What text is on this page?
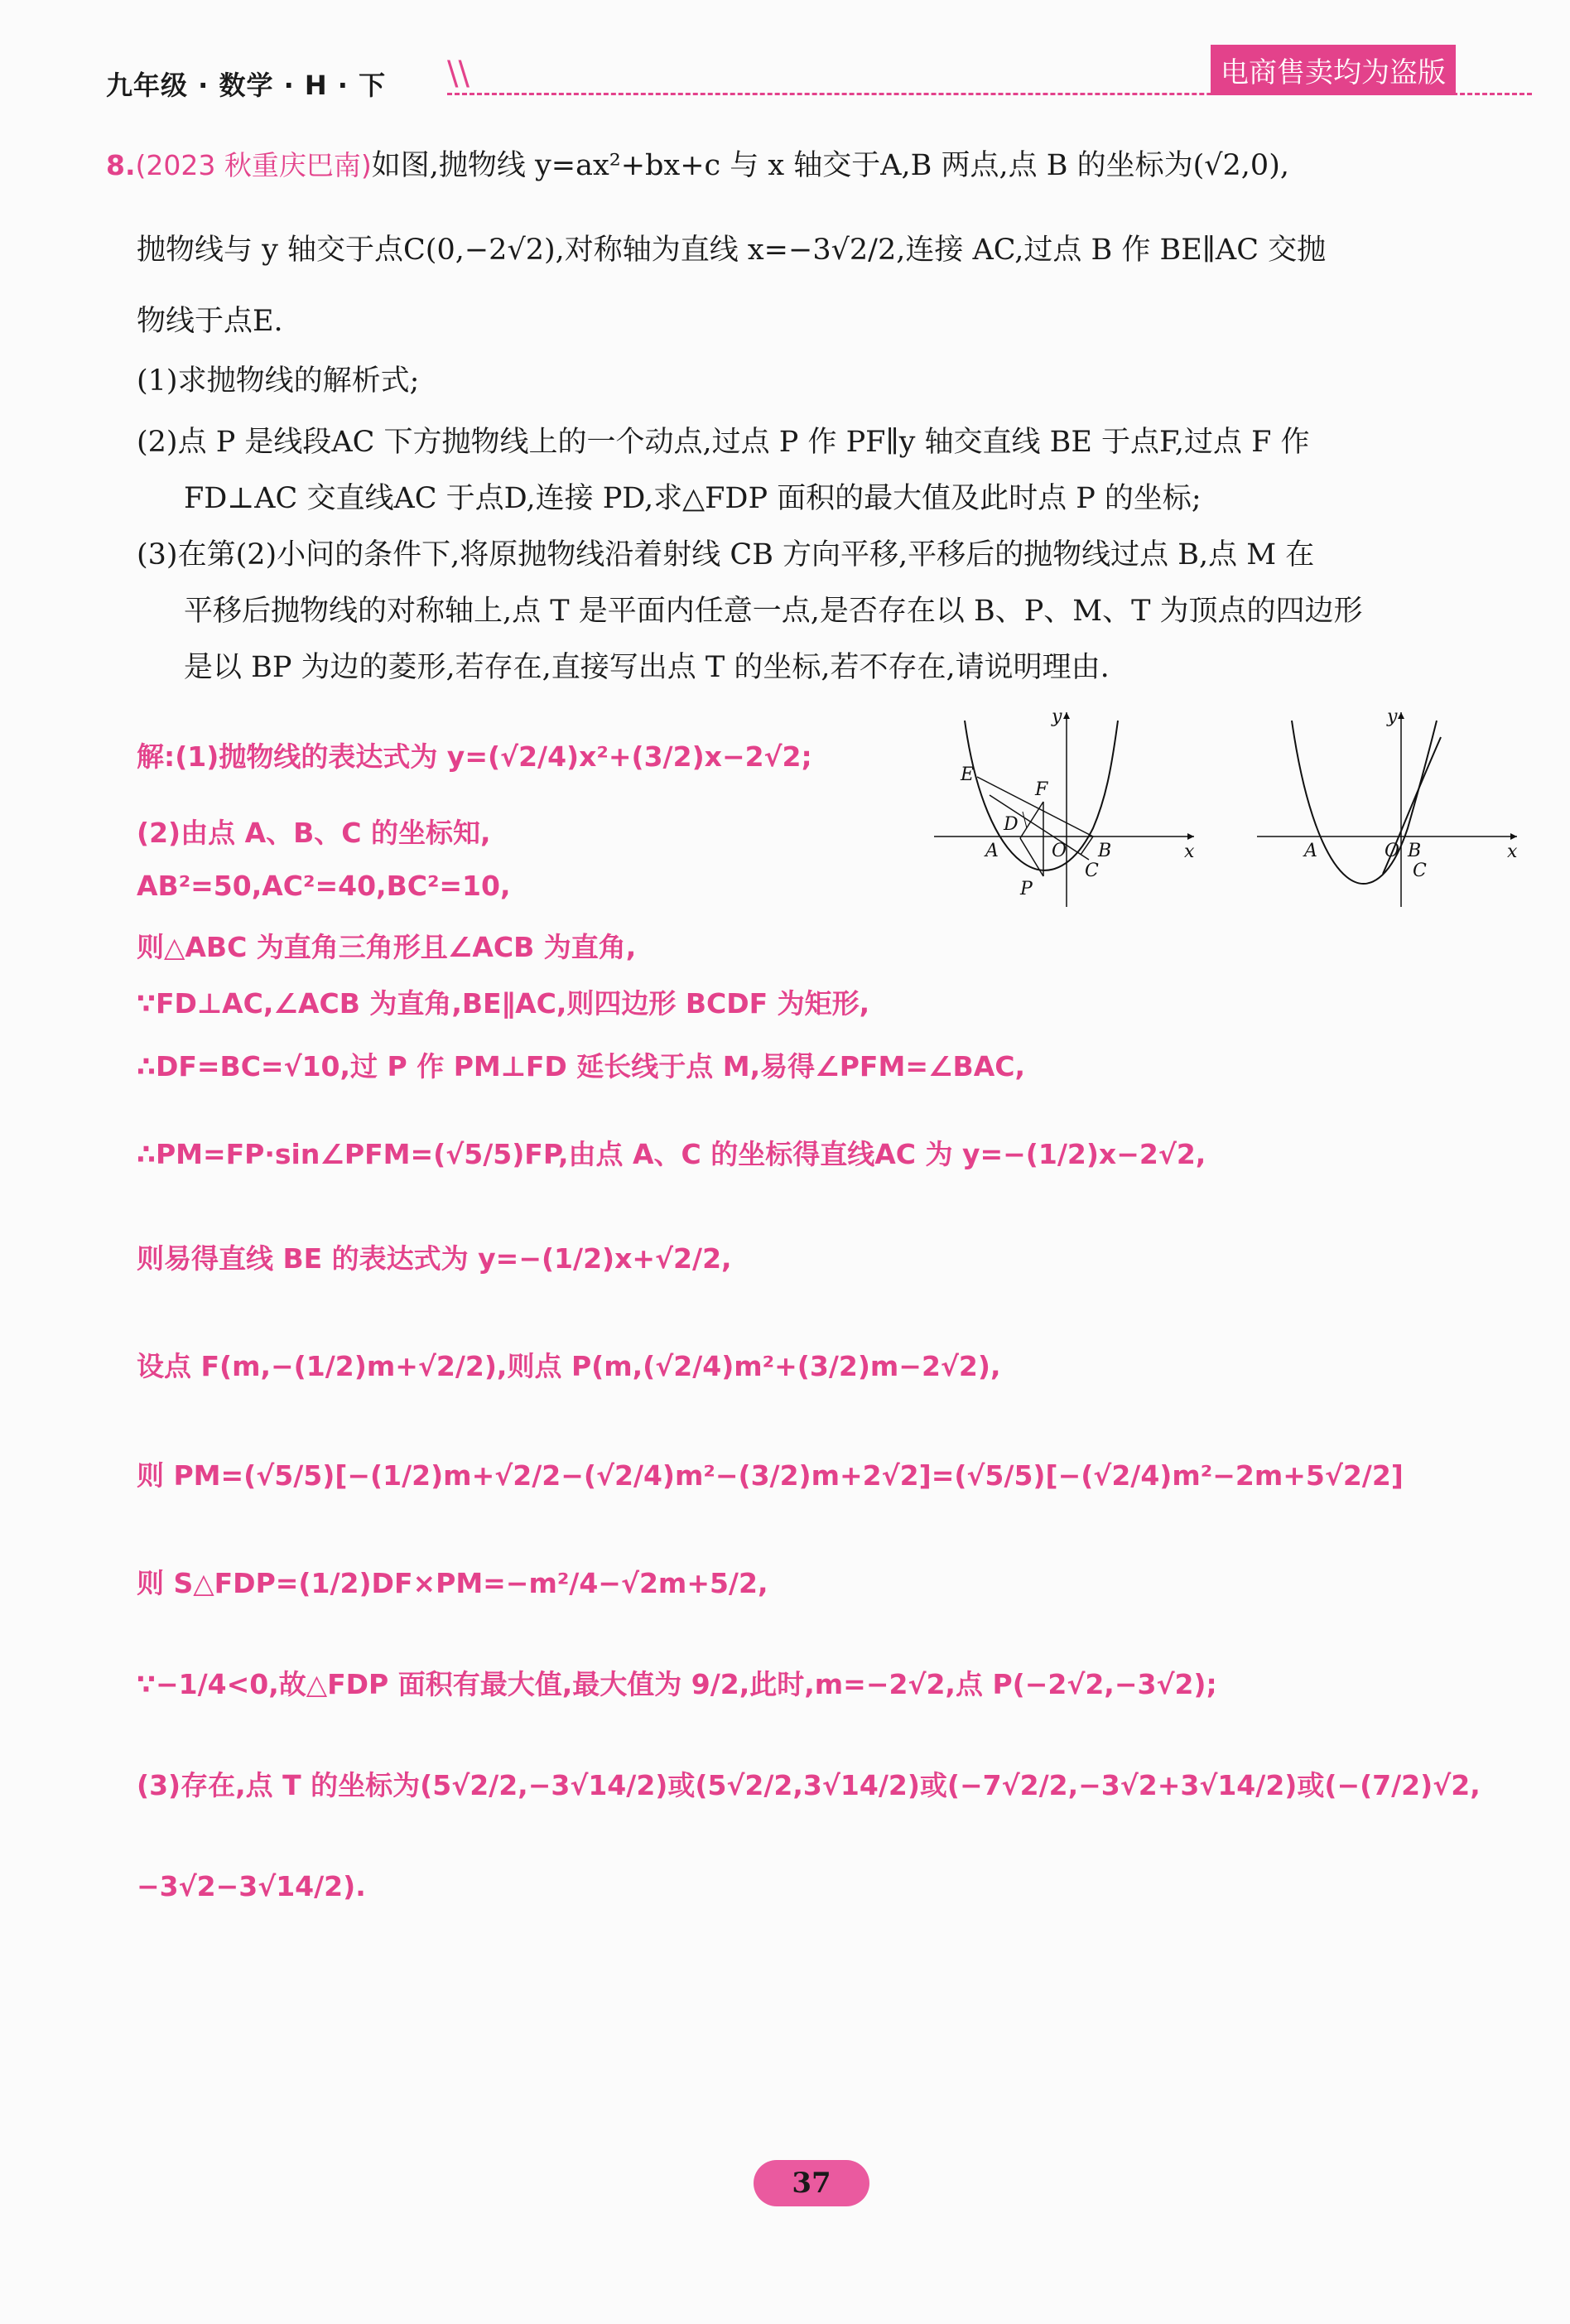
九年级 · 数学 · H · 下 \\	电商售卖均为盗版
8.(2023 秋重庆巴南)如图,抛物线 y=ax²+bx+c 与 x 轴交于A,B 两点,点 B 的坐标为(√2,0),
抛物线与 y 轴交于点C(0,−2√2),对称轴为直线 x=−3√2/2,连接 AC,过点 B 作 BE∥AC 交抛
物线于点E.
(1)求抛物线的解析式;
(2)点 P 是线段AC 下方抛物线上的一个动点,过点 P 作 PF∥y 轴交直线 BE 于点F,过点 F 作
FD⊥AC 交直线AC 于点D,连接 PD,求△FDP 面积的最大值及此时点 P 的坐标;
(3)在第(2)小问的条件下,将原抛物线沿着射线 CB 方向平移,平移后的抛物线过点 B,点 M 在
平移后抛物线的对称轴上,点 T 是平面内任意一点,是否存在以 B、P、M、T 为顶点的四边形
是以 BP 为边的菱形,若存在,直接写出点 T 的坐标,若不存在,请说明理由.
解:(1)抛物线的表达式为 y=(√2/4)x²+(3/2)x−2√2;
(2)由点 A、B、C 的坐标知,
AB²=50,AC²=40,BC²=10,
则△ABC 为直角三角形且∠ACB 为直角,
∵FD⊥AC,∠ACB 为直角,BE∥AC,则四边形 BCDF 为矩形,
∴DF=BC=√10,过 P 作 PM⊥FD 延长线于点 M,易得∠PFM=∠BAC,
∴PM=FP·sin∠PFM=(√5/5)FP,由点 A、C 的坐标得直线AC 为 y=−(1/2)x−2√2,
则易得直线 BE 的表达式为 y=−(1/2)x+√2/2,
设点 F(m,−(1/2)m+√2/2),则点 P(m,(√2/4)m²+(3/2)m−2√2),
则 PM=(√5/5)[−(1/2)m+√2/2−(√2/4)m²−(3/2)m+2√2]=(√5/5)[−(√2/4)m²−2m+5√2/2]
则 S△FDP=(1/2)DF×PM=−m²/4−√2m+5/2,
∵−1/4<0,故△FDP 面积有最大值,最大值为 9/2,此时,m=−2√2,点 P(−2√2,−3√2);
(3)存在,点 T 的坐标为(5√2/2,−3√14/2)或(5√2/2,3√14/2)或(−7√2/2,−3√2+3√14/2)或(−(7/2)√2,
−3√2−3√14/2).
y
x
E
F
D
A	O B
C
P
y
x
A	O B
C
37
